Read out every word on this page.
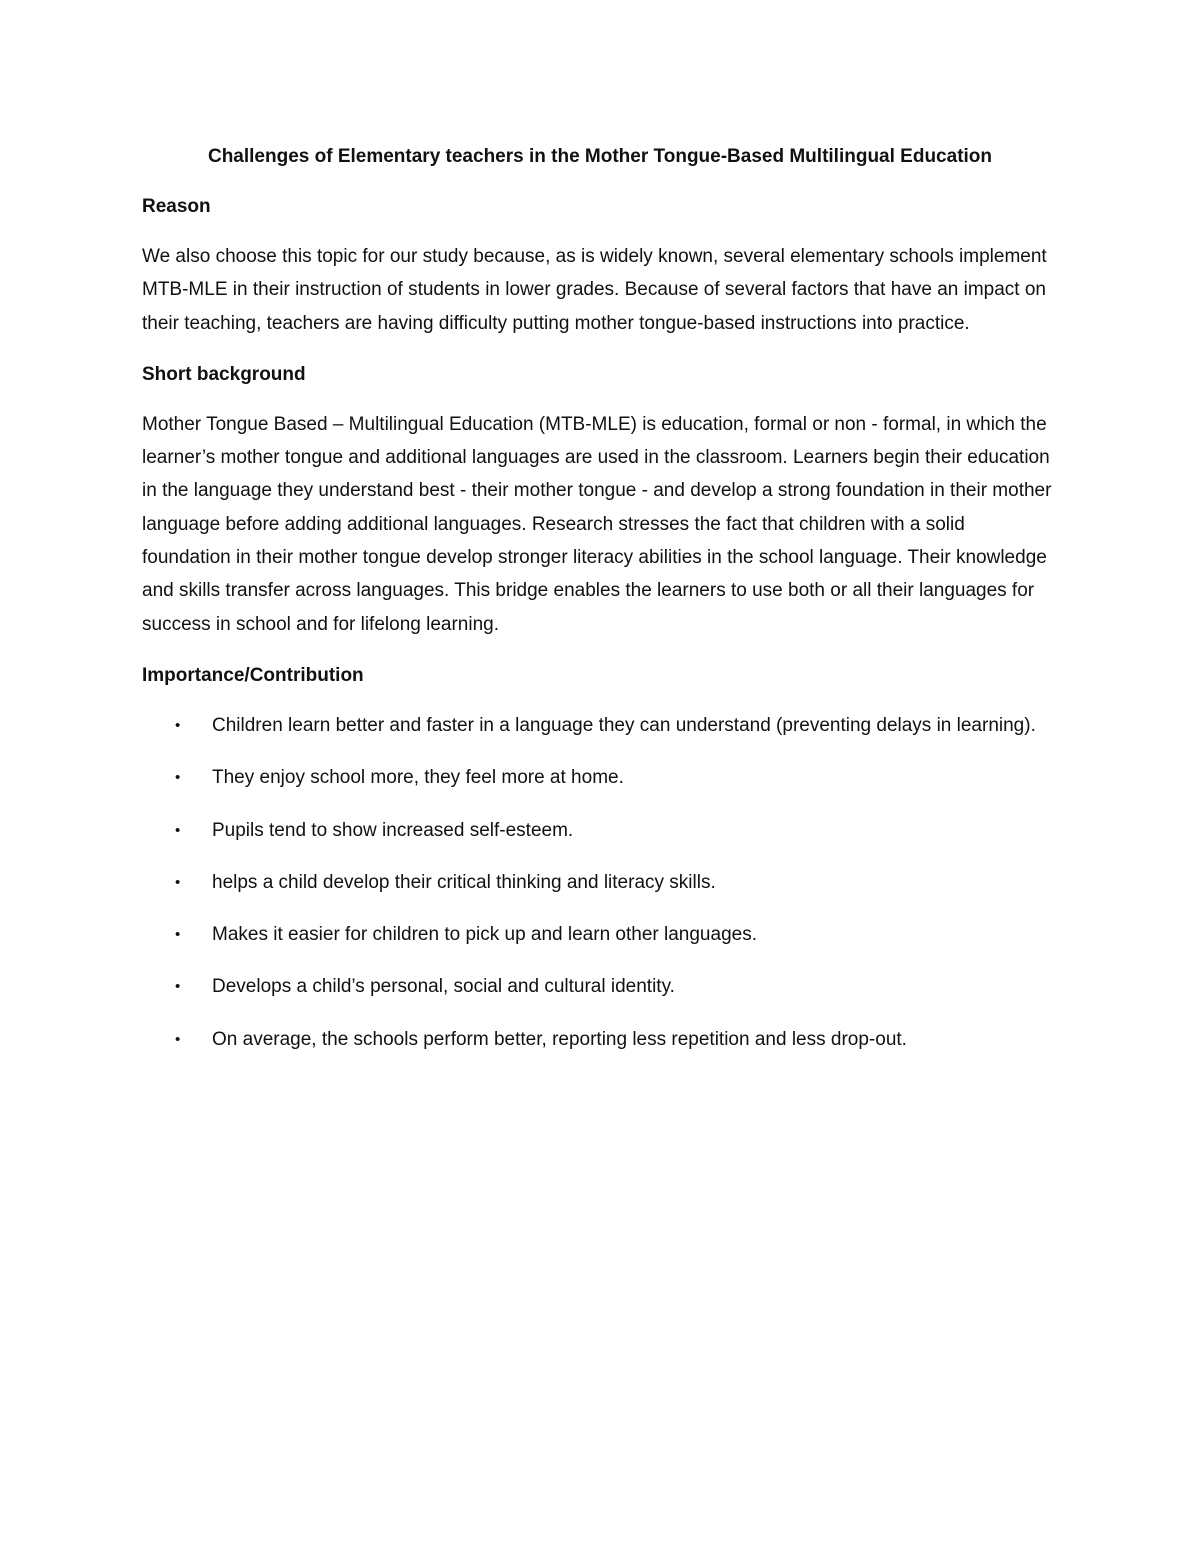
Challenges of Elementary teachers in the Mother Tongue-Based Multilingual Education
Reason

We also choose this topic for our study because, as is widely known, several elementary schools implement MTB-MLE in their instruction of students in lower grades. Because of several factors that have an impact on their teaching, teachers are having difficulty putting mother tongue-based instructions into practice.

Short background

Mother Tongue Based – Multilingual Education (MTB-MLE) is education, formal or non - formal, in which the learner’s mother tongue and additional languages are used in the classroom. Learners begin their education in the language they understand best - their mother tongue - and develop a strong foundation in their mother language before adding additional languages. Research stresses the fact that children with a solid foundation in their mother tongue develop stronger literacy abilities in the school language. Their knowledge and skills transfer across languages. This bridge enables the learners to use both or all their languages for success in school and for lifelong learning.

Importance/Contribution
• Children learn better and faster in a language they can understand (preventing delays in learning).
• They enjoy school more, they feel more at home.
• Pupils tend to show increased self-esteem.
• helps a child develop their critical thinking and literacy skills.
• Makes it easier for children to pick up and learn other languages.
• Develops a child’s personal, social and cultural identity.
• On average, the schools perform better, reporting less repetition and less drop-out.
